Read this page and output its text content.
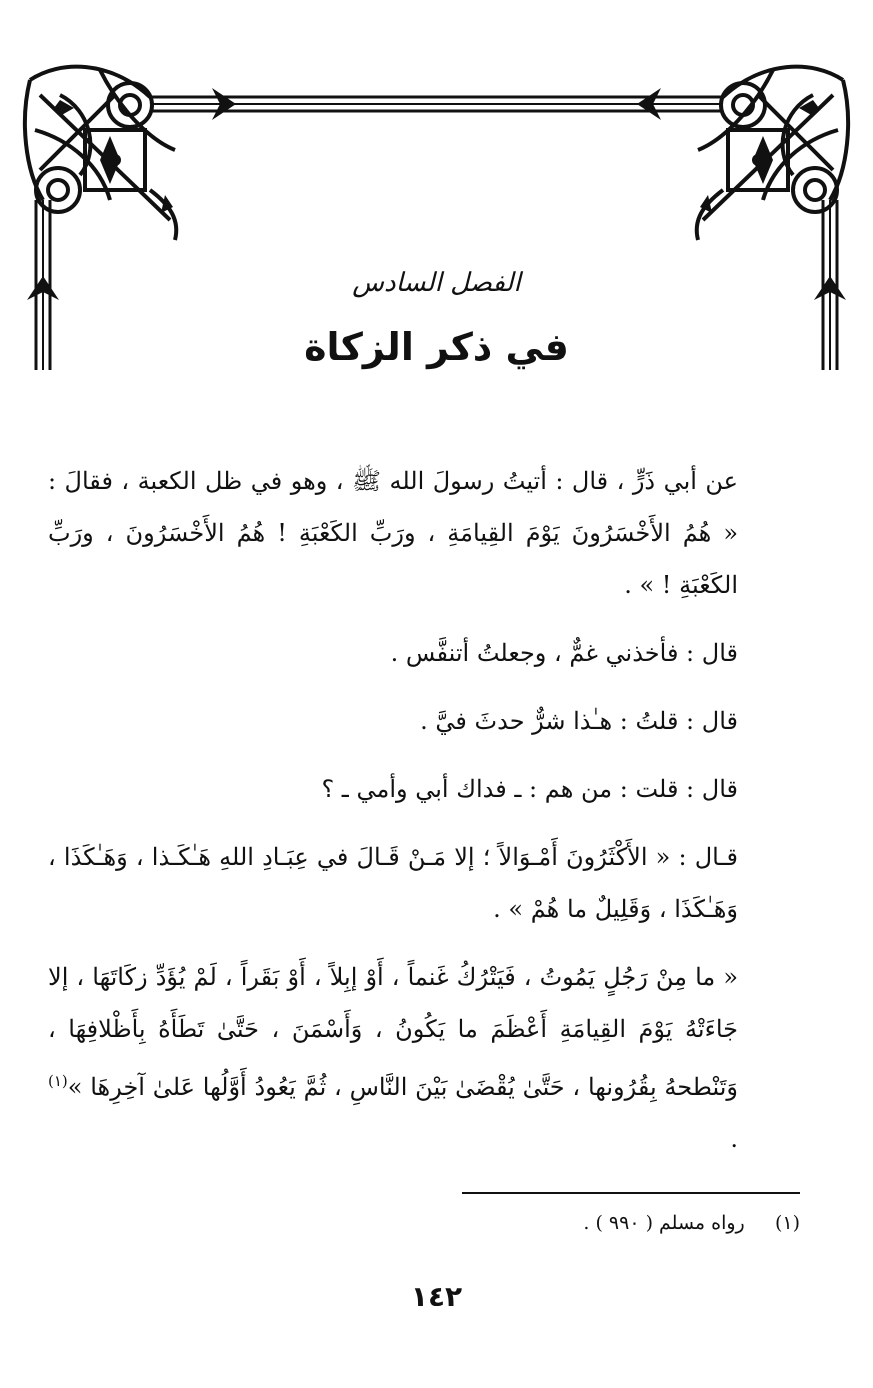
الفصل السادس
في ذكر الزكاة

عن أبي ذَرٍّ ، قال : أتيتُ رسولَ الله ﷺ ، وهو في ظل الكعبة ، فقالَ : « هُمُ الأَخْسَرُونَ يَوْمَ القِيامَةِ ، ورَبِّ الكَعْبَةِ ! هُمُ الأَخْسَرُونَ ، ورَبِّ الكَعْبَةِ ! » .

قال : فأخذني غمٌّ ، وجعلتُ أتنفَّس .

قال : قلتُ : هـٰذا شرٌّ حدثَ فيَّ .

قال : قلت : من هم : ـ فداك أبي وأمي ـ ؟

قـال : « الأَكْثَرُونَ أَمْـوَالاً ؛ إلا مَـنْ قَـالَ في عِبَـادِ اللهِ هَـٰكَـذا ، وَهَـٰكَذَا ، وَهَـٰكَذَا ، وَقَلِيلٌ ما هُمْ » .

« ما مِنْ رَجُلٍ يَمُوتُ ، فَيَتْرُكُ غَنماً ، أَوْ إبِلاً ، أَوْ بَقَراً ، لَمْ يُؤَدِّ زكَاتَهَا ، إلا جَاءَتْهُ يَوْمَ القِيامَةِ أَعْظَمَ ما يَكُونُ ، وَأَسْمَنَ ، حَتَّىٰ تَطَأَهُ بِأَظْلافِهَا ، وَتَنْطحهُ بِقُرُونها ، حَتَّىٰ يُقْضَىٰ بَيْنَ النَّاسِ ، ثُمَّ يَعُودُ أَوَّلُها عَلىٰ آخِرِهَا »$^{(١)}$ .

(١)     رواه مسلم ( ٩٩٠ ) .
١٤٢
